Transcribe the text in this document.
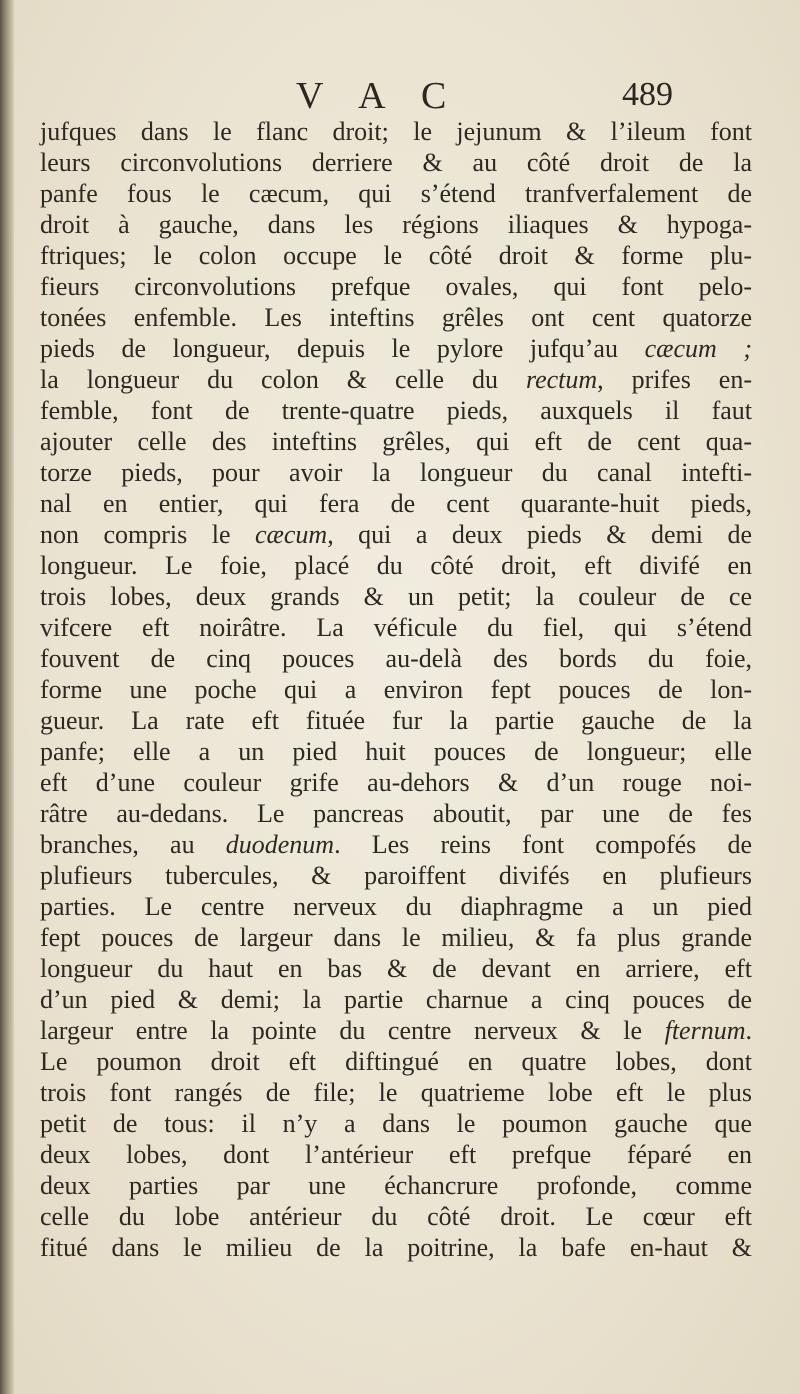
V A C	489
jufques dans le flanc droit; le jejunum & l’ileum font
leurs circonvolutions derriere & au côté droit de la
panfe fous le cæcum, qui s’étend tranfverfalement de
droit à gauche, dans les régions iliaques & hypoga-
ftriques; le colon occupe le côté droit & forme plu-
fieurs circonvolutions prefque ovales, qui font pelo-
tonées enfemble. Les inteftins grêles ont cent quatorze
pieds de longueur, depuis le pylore jufqu’au cæcum ;
la longueur du colon & celle du rectum, prifes en-
femble, font de trente-quatre pieds, auxquels il faut
ajouter celle des inteftins grêles, qui eft de cent qua-
torze pieds, pour avoir la longueur du canal intefti-
nal en entier, qui fera de cent quarante-huit pieds,
non compris le cæcum, qui a deux pieds & demi de
longueur. Le foie, placé du côté droit, eft divifé en
trois lobes, deux grands & un petit; la couleur de ce
vifcere eft noirâtre. La véficule du fiel, qui s’étend
fouvent de cinq pouces au-delà des bords du foie,
forme une poche qui a environ fept pouces de lon-
gueur. La rate eft fituée fur la partie gauche de la
panfe; elle a un pied huit pouces de longueur; elle
eft d’une couleur grife au-dehors & d’un rouge noi-
râtre au-dedans. Le pancreas aboutit, par une de fes
branches, au duodenum. Les reins font compofés de
plufieurs tubercules, & paroiffent divifés en plufieurs
parties. Le centre nerveux du diaphragme a un pied
fept pouces de largeur dans le milieu, & fa plus grande
longueur du haut en bas & de devant en arriere, eft
d’un pied & demi; la partie charnue a cinq pouces de
largeur entre la pointe du centre nerveux & le fternum.
Le poumon droit eft diftingué en quatre lobes, dont
trois font rangés de file; le quatrieme lobe eft le plus
petit de tous: il n’y a dans le poumon gauche que
deux lobes, dont l’antérieur eft prefque féparé en
deux parties par une échancrure profonde, comme
celle du lobe antérieur du côté droit. Le cœur eft
fitué dans le milieu de la poitrine, la bafe en-haut &
